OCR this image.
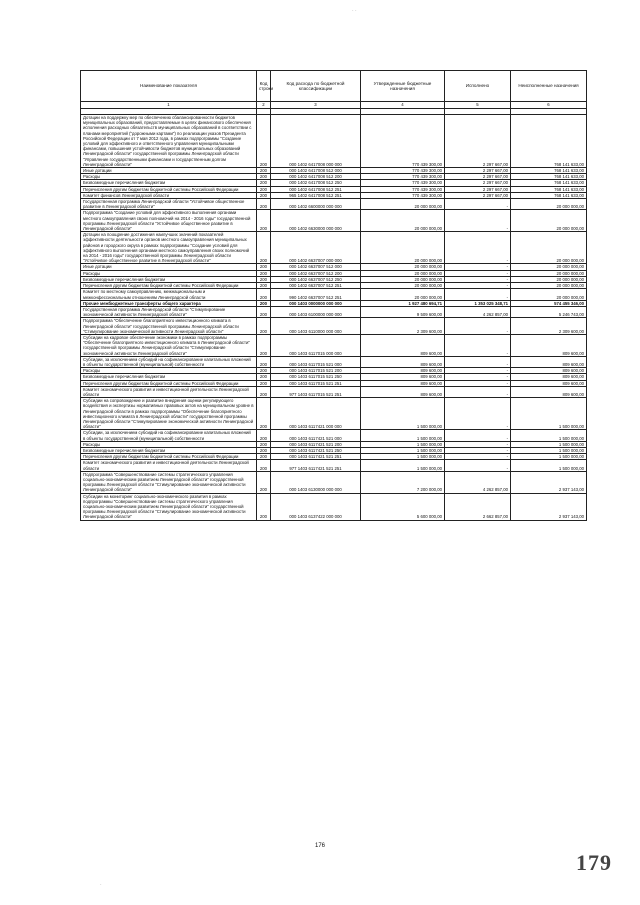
· ·
·
Наименование показателя	Код строки	Код расхода по бюджетной классификации	Утвержденные бюджетные назначения	Исполнено	Неисполненные назначения
1	2	3	4	5	6

Дотации на поддержку мер по обеспечению сбалансированности бюджетов муниципальных образований, предоставляемые в целях финансового обеспечения исполнения расходных обязательств муниципальных образований в соответствии с планами мероприятий ("дорожными картами") по реализации указов Президента Российской Федерации от 7 мая 2012 года, в рамках подпрограммы "Создание условий для эффективного и ответственного управления муниципальными финансами, повышения устойчивости бюджетов муниципальных образований Ленинградской области" государственной программы Ленинградской области "Управление государственными финансами и государственным долгом Ленинградской области"	200	000 1402 6417008 000 000	770 439 300,00	2 297 667,00	768 141 633,00
Иные дотации	200	000 1402 6417008 512 000	770 439 300,00	2 297 667,00	768 141 633,00
Расходы	200	000 1402 6417008 512 200	770 439 300,00	2 297 667,00	768 141 633,00
Безвозмездные перечисления бюджетам	200	000 1402 6417008 512 250	770 439 300,00	2 297 667,00	768 141 633,00
Перечисления другим бюджетам бюджетной системы Российской Федерации	200	000 1402 6417008 512 251	770 439 300,00	2 297 667,00	768 141 633,00
Комитет финансов Ленинградской области	200	965 1402 6417008 512 251	770 439 300,00	2 297 667,00	768 141 633,00
Государственная программа Ленинградской области "Устойчивое общественное развитие в Ленинградской области"	200	000 1402 6600000 000 000	20 000 000,00	-	20 000 000,00
Подпрограмма "Создание условий для эффективного выполнения органами местного самоуправления своих полномочий на 2014 - 2016 годы" государственной программы Ленинградской области "Устойчивое общественное развитие в Ленинградской области"	200	000 1402 6630000 000 000	20 000 000,00	-	20 000 000,00
Дотации на поощрение достижения наилучших значений показателей эффективности деятельности органов местного самоуправления муниципальных районов и городского округа в рамках подпрограммы "Создание условий для эффективного выполнения органами местного самоуправления своих полномочий на 2014 - 2016 годы" государственной программы Ленинградской области "Устойчивое общественное развитие в Ленинградской области"	200	000 1402 6637007 000 000	20 000 000,00	-	20 000 000,00
Иные дотации	200	000 1402 6637007 512 000	20 000 000,00	-	20 000 000,00
Расходы	200	000 1402 6637007 512 200	20 000 000,00	-	20 000 000,00
Безвозмездные перечисления бюджетам	200	000 1402 6637007 512 250	20 000 000,00	-	20 000 000,00
Перечисления другим бюджетам бюджетной системы Российской Федерации	200	000 1402 6637007 512 251	20 000 000,00	-	20 000 000,00
Комитет по местному самоуправлению, межнациональным и межконфессиональным отношениям Ленинградской области	200	990 1402 6637007 512 251	20 000 000,00	-	20 000 000,00
Прочие межбюджетные трансферты общего характера	200	000 1403 0000000 000 000	1 927 480 694,71	1 353 025 348,71	574 455 346,00
Государственная программа Ленинградской области "Стимулирование экономической активности Ленинградской области"	200	000 1403 6100000 000 000	9 509 600,00	4 262 857,00	5 246 743,00
Подпрограмма "Обеспечение благоприятного инвестиционного климата в Ленинградской области" государственной программы Ленинградской области "Стимулирование экономической активности Ленинградской области"	200	000 1403 6110000 000 000	2 309 600,00	-	2 309 600,00
Субсидии на кадровое обеспечение экономики в рамках подпрограммы "Обеспечение благоприятного инвестиционного климата в Ленинградской области" государственной программы Ленинградской области "Стимулирование экономической активности Ленинградской области"	200	000 1403 6117015 000 000	809 600,00	-	809 600,00
Субсидии, за исключением субсидий на софинансирование капитальных вложений в объекты государственной (муниципальной) собственности	200	000 1403 6117015 521 000	809 600,00	-	809 600,00
Расходы	200	000 1403 6117015 521 200	809 600,00	-	809 600,00
Безвозмездные перечисления бюджетам	200	000 1403 6117015 521 250	809 600,00	-	809 600,00
Перечисления другим бюджетам бюджетной системы Российской Федерации	200	000 1403 6117015 521 251	809 600,00	-	809 600,00
Комитет экономического развития и инвестиционной деятельности Ленинградской области	200	977 1403 6117015 521 251	809 600,00	-	809 600,00
Субсидии на сопровождение и развитие внедрения оценки регулирующего воздействия и экспертизы нормативных правовых актов на муниципальном уровне в Ленинградской области в рамках подпрограммы "Обеспечение благоприятного инвестиционного климата в Ленинградской области" государственной программы Ленинградской области "Стимулирование экономической активности Ленинградской области"	200	000 1403 6117421 000 000	1 500 000,00	-	1 500 000,00
Субсидии, за исключением субсидий на софинансирование капитальных вложений в объекты государственной (муниципальной) собственности	200	000 1403 6117421 521 000	1 500 000,00	-	1 500 000,00
Расходы	200	000 1403 6117421 521 200	1 500 000,00	-	1 500 000,00
Безвозмездные перечисления бюджетам	200	000 1403 6117421 521 250	1 500 000,00	-	1 500 000,00
Перечисления другим бюджетам бюджетной системы Российской Федерации	200	000 1403 6117421 521 251	1 500 000,00	-	1 500 000,00
Комитет экономического развития и инвестиционной деятельности Ленинградской области	200	977 1403 6117421 521 251	1 500 000,00	-	1 500 000,00
Подпрограмма "Совершенствование системы стратегического управления социально-экономическим развитием Ленинградской области" государственной программы Ленинградской области "Стимулирование экономической активности Ленинградской области"	200	000 1403 6130000 000 000	7 200 000,00	4 262 857,00	2 937 143,00
Субсидии на мониторинг социально-экономического развития в рамках подпрограммы "Совершенствование системы стратегического управления социально-экономическим развитием Ленинградской области" государственной программы Ленинградской области "Стимулирование экономической активности Ленинградской области"	200	000 1403 6137422 000 000	5 600 000,00	2 662 857,00	2 937 143,00
176
179
